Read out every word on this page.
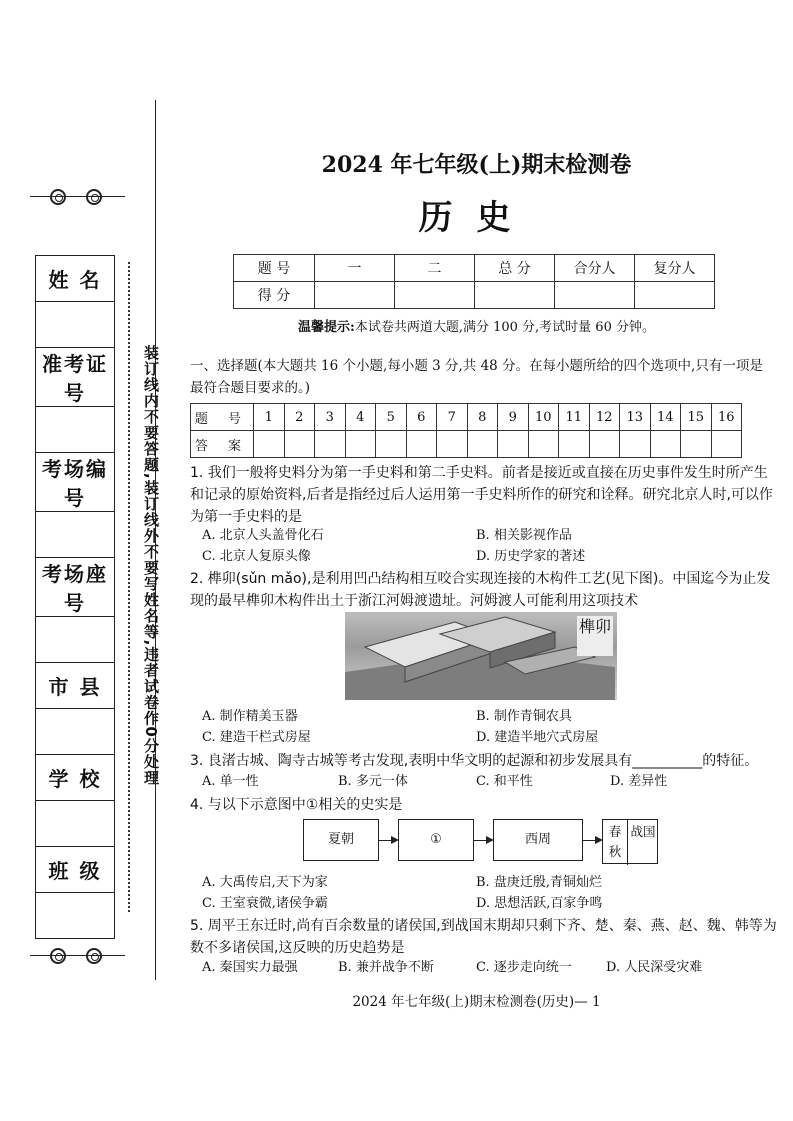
姓 名

准考证号

考场编号

考场座号

市 县

学 校

班 级

装订线内不要答题,装订线外不要写姓名等,违者试卷作0分处理
2024 年七年级(上)期末检测卷
历史
题 号	一	二	总 分	合分人	复分人
得 分					
温馨提示:本试卷共两道大题,满分 100 分,考试时量 60 分钟。
一、选择题(本大题共 16 个小题,每小题 3 分,共 48 分。在每小题所给的四个选项中,只有一项是最符合题目要求的。)
题 号	1	2	3	4	5	6	7	8	9	10	11	12	13	14	15	16
答 案																
1. 我们一般将史料分为第一手史料和第二手史料。前者是接近或直接在历史事件发生时所产生和记录的原始资料,后者是指经过后人运用第一手史料所作的研究和诠释。研究北京人时,可以作为第一手史料的是
A. 北京人头盖骨化石	B. 相关影视作品
C. 北京人复原头像	D. 历史学家的著述
2. 榫卯(sǔn mǎo),是利用凹凸结构相互咬合实现连接的木构件工艺(见下图)。中国迄今为止发现的最早榫卯木构件出土于浙江河姆渡遗址。河姆渡人可能利用这项技术
榫卯
A. 制作精美玉器	B. 制作青铜农具
C. 建造干栏式房屋	D. 建造半地穴式房屋
3. 良渚古城、陶寺古城等考古发现,表明中华文明的起源和初步发展具有__________的特征。
A. 单一性	B. 多元一体	C. 和平性	D. 差异性
4. 与以下示意图中①相关的史实是
夏朝	①	西周
春秋
战国
A. 大禹传启,天下为家	B. 盘庚迁殷,青铜灿烂
C. 王室衰微,诸侯争霸	D. 思想活跃,百家争鸣
5. 周平王东迁时,尚有百余数量的诸侯国,到战国末期却只剩下齐、楚、秦、燕、赵、魏、韩等为数不多诸侯国,这反映的历史趋势是
A. 秦国实力最强	B. 兼并战争不断	C. 逐步走向统一	D. 人民深受灾难
2024 年七年级(上)期末检测卷(历史)— 1
